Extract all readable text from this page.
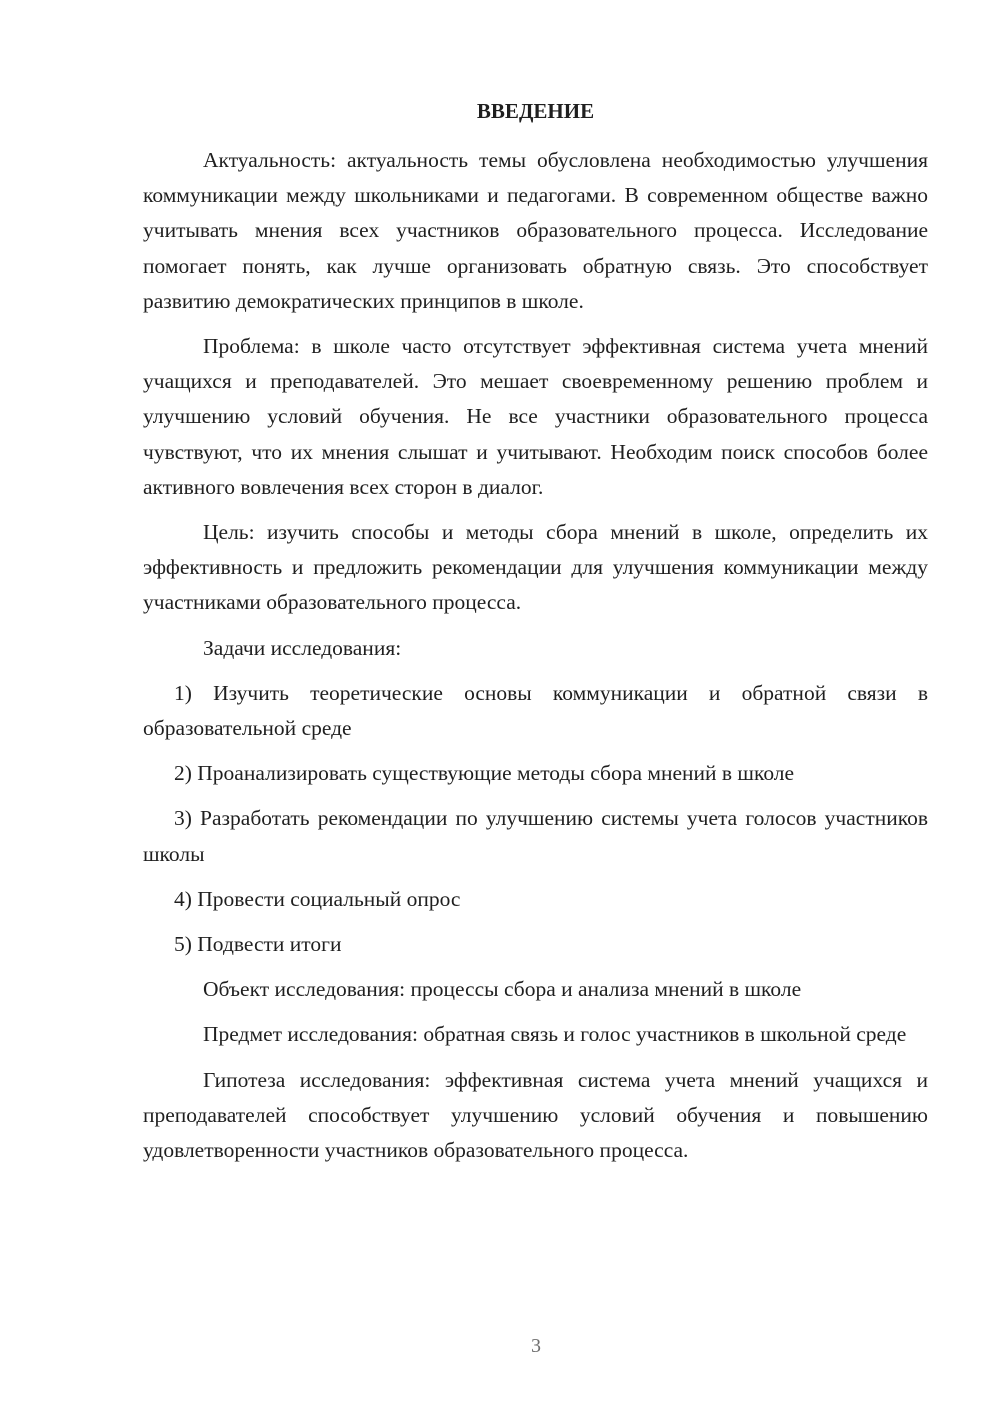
ВВЕДЕНИЕ

Актуальность: актуальность темы обусловлена необходимостью улучшения коммуникации между школьниками и педагогами. В современном обществе важно учитывать мнения всех участников образовательного процесса. Исследование помогает понять, как лучше организовать обратную связь. Это способствует развитию демократических принципов в школе.

Проблема: в школе часто отсутствует эффективная система учета мнений учащихся и преподавателей. Это мешает своевременному решению проблем и улучшению условий обучения. Не все участники образовательного процесса чувствуют, что их мнения слышат и учитывают. Необходим поиск способов более активного вовлечения всех сторон в диалог.

Цель: изучить способы и методы сбора мнений в школе, определить их эффективность и предложить рекомендации для улучшения коммуникации между участниками образовательного процесса.

Задачи исследования:

1) Изучить теоретические основы коммуникации и обратной связи в образовательной среде

2) Проанализировать существующие методы сбора мнений в школе

3) Разработать рекомендации по улучшению системы учета голосов участников школы

4) Провести социальный опрос

5) Подвести итоги

Объект исследования: процессы сбора и анализа мнений в школе

Предмет исследования: обратная связь и голос участников в школьной среде

Гипотеза исследования: эффективная система учета мнений учащихся и преподавателей способствует улучшению условий обучения и повышению удовлетворенности участников образовательного процесса.

3
